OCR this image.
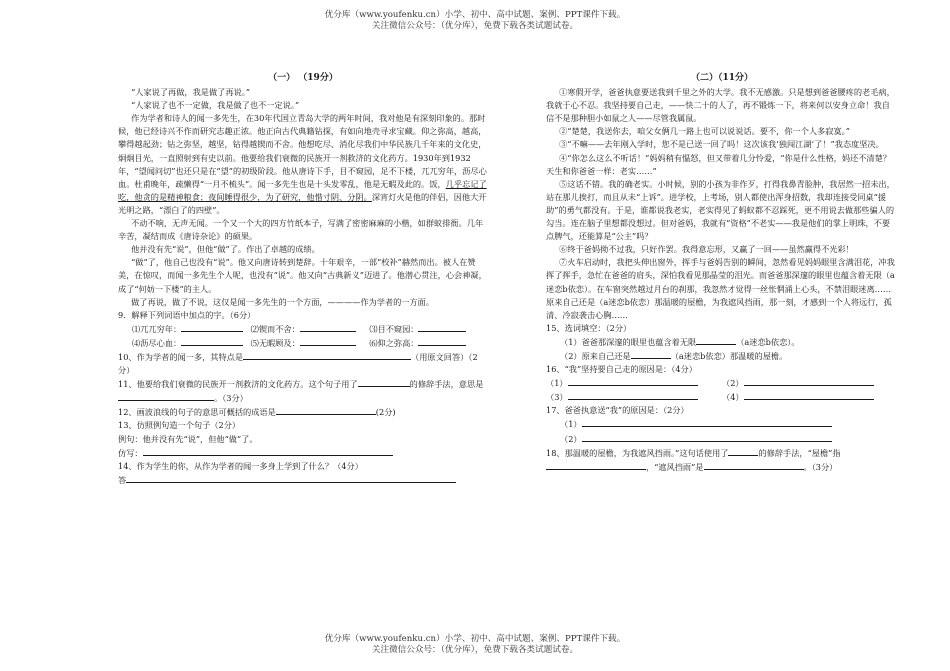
优分库（www.youfenku.cn）小学、初中、高中试题、案例、PPT课件下载。
关注微信公众号：（优分库），免费下载各类试题试卷。
（一） （19分）

“人家说了再做，我是做了再说。”

“人家说了也不一定做，我是做了也不一定说。”

作为学者和诗人的闻一多先生，在30年代国立青岛大学的两年时间，我对他是有深刻印象的。那时候，他已经诗兴不作而研究志趣正浓。他正向古代典籍钻探，有如向地壳寻求宝藏。仰之弥高，越高，攀得越起劲；钻之弥坚，越坚，钻得越锲而不舍。他想吃尽、消化尽我们中华民族几千年来的文化史，炯炯目光，一直照射到有史以前。他要给我们衰微的民族开一剂救济的文化药方。1930年到1932年，“望闻问切”也还只是在“望”的初级阶段。他从唐诗下手，目不窥园，足不下楼，兀兀穷年，沥尽心血。杜甫晚年，疏懒得“一月不梳头”。闻一多先生也是十头发零乱，他是无暇及此的。饭，几乎忘记了吃，他贪的是精神粮食；夜间睡得很少，为了研究，他惜寸阴、分阴。深宵灯火是他的伴侣，因他大开光明之路，“漂白了的四壁”。

不动不响，无声无闻。一个又一个大的四方竹纸本子，写满了密密麻麻的小楷，如群蚁排衙。几年辛苦，凝结而成《唐诗杂论》的硕果。

他并没有先“说”，但他“做”了。作出了卓越的成绩。

“做”了，他自己也没有“说”。他又向唐诗转到楚辞。十年艰辛，一部“校补”赫然而出。被人在赞美，在惊叹，而闻一多先生个人呢，也没有“说”。他又向“古典新义”迈进了。他潜心贯注，心会神凝，成了“何妨一下楼”的主人。

做了再说，做了不说，这仅是闻一多先生的一个方面，————作为学者的一方面。

9．解释下列词语中加点的字。（6分）

⑴兀兀穷年：	⑵锲而不舍：	⑶目不窥园：
⑷沥尽心血：	⑸无暇顾及：	⑹仰之弥高：

10、作为学者的闻一多，其特点是	（用原文回答）（2分）

11、他要给我们衰微的民族开一剂救济的文化药方。这个句子用了	的修辞手法，意思是。（3分）

12、画波浪线的句子的意思可概括的成语是	(2分)

13、仿照例句造一个句子（2分）

例句：他并没有先“说”，但他“做”了。

仿写：

14、作为学生的你，从作为学者的闻一多身上学到了什么？（4分）

答

（二）（11分）

①寒假开学，爸爸执意要送我到千里之外的大学。我不无感激。只是想到爸爸腰疼的老毛病，我就于心不忍。我坚持要自己走，——快二十的人了，再不锻炼一下，将来何以安身立命！我自信不是那种胆小如鼠之人——尽管我属鼠。

②“楚楚，我送你去，咱父女俩几一路上也可以说说话。要不，你一个人多寂寞。”

③“不嘛——去年刚入学时，您不是已送一回了吗！这次该我‘独闯江湖’了！”我态度坚决。

④“你怎么这么不听话！”妈妈稍有愠怒，但又带着几分怜爱，“你是什么性格，妈还不清楚？天生和你爸爸一样：老实……”

⑤这话不错。我的确老实。小时候，别的小孩为非作歹，打得我鼻青脸肿，我居然一招未出，站在那儿挨打，而且从未“上诉”。进学校，上考场，别人都使出浑身招数，我却连接受同桌“援助”的勇气都没有。于是，谁都说我老实，老实得见了蚂蚁都不忍踩死，更不用说去做那些骗人的勾当。连在脑子里想都没想过。但对爸妈，我就有“资格”不老实——我是他们的掌上明珠，不要点脾气，还能算是“公主”吗？

⑥终于爸妈拗不过我，只好作罢。我得意忘形，又赢了一回——虽然赢得不光彩！

⑦火车启动时，我把头伸出窗外，挥手与爸妈告别的瞬间，忽然看见妈妈眼里含满泪花，冲我挥了挥手，急忙在爸爸的肩头，深怕我看见那晶莹的泪光。而爸爸那深邃的眼里也蕴含着无限（a迷恋b依恋）。在车窗突然越过月台的刹那，我忽然才觉得一丝怅惘涌上心头，不禁泪眼迷离……原来自己还是（a迷恋b依恋）那温暖的屋檐，为我遮风挡雨，那一刻，才感到一个人将远行，孤清、冷寂袭击心胸……

15、选词填空：（2分）

（1）爸爸那深邃的眼里也蕴含着无限	（a迷恋b依恋）。

（2）原来自己还是	（a迷恋b依恋）那温暖的屋檐。

16、“我”坚持要自己走的原因是：（4分）

（1）	（2）
（3）	（4）

17、爸爸执意送“我”的原因是：（2分）

（1）

（2）

18、那温暖的屋檐，为我遮风挡雨。”这句话使用了	的修辞手法，“屋檐”指，“遮风挡雨”是	。（3分）

优分库（www.youfenku.cn）小学、初中、高中试题、案例、PPT课件下载。
关注微信公众号：（优分库），免费下载各类试题试卷。
